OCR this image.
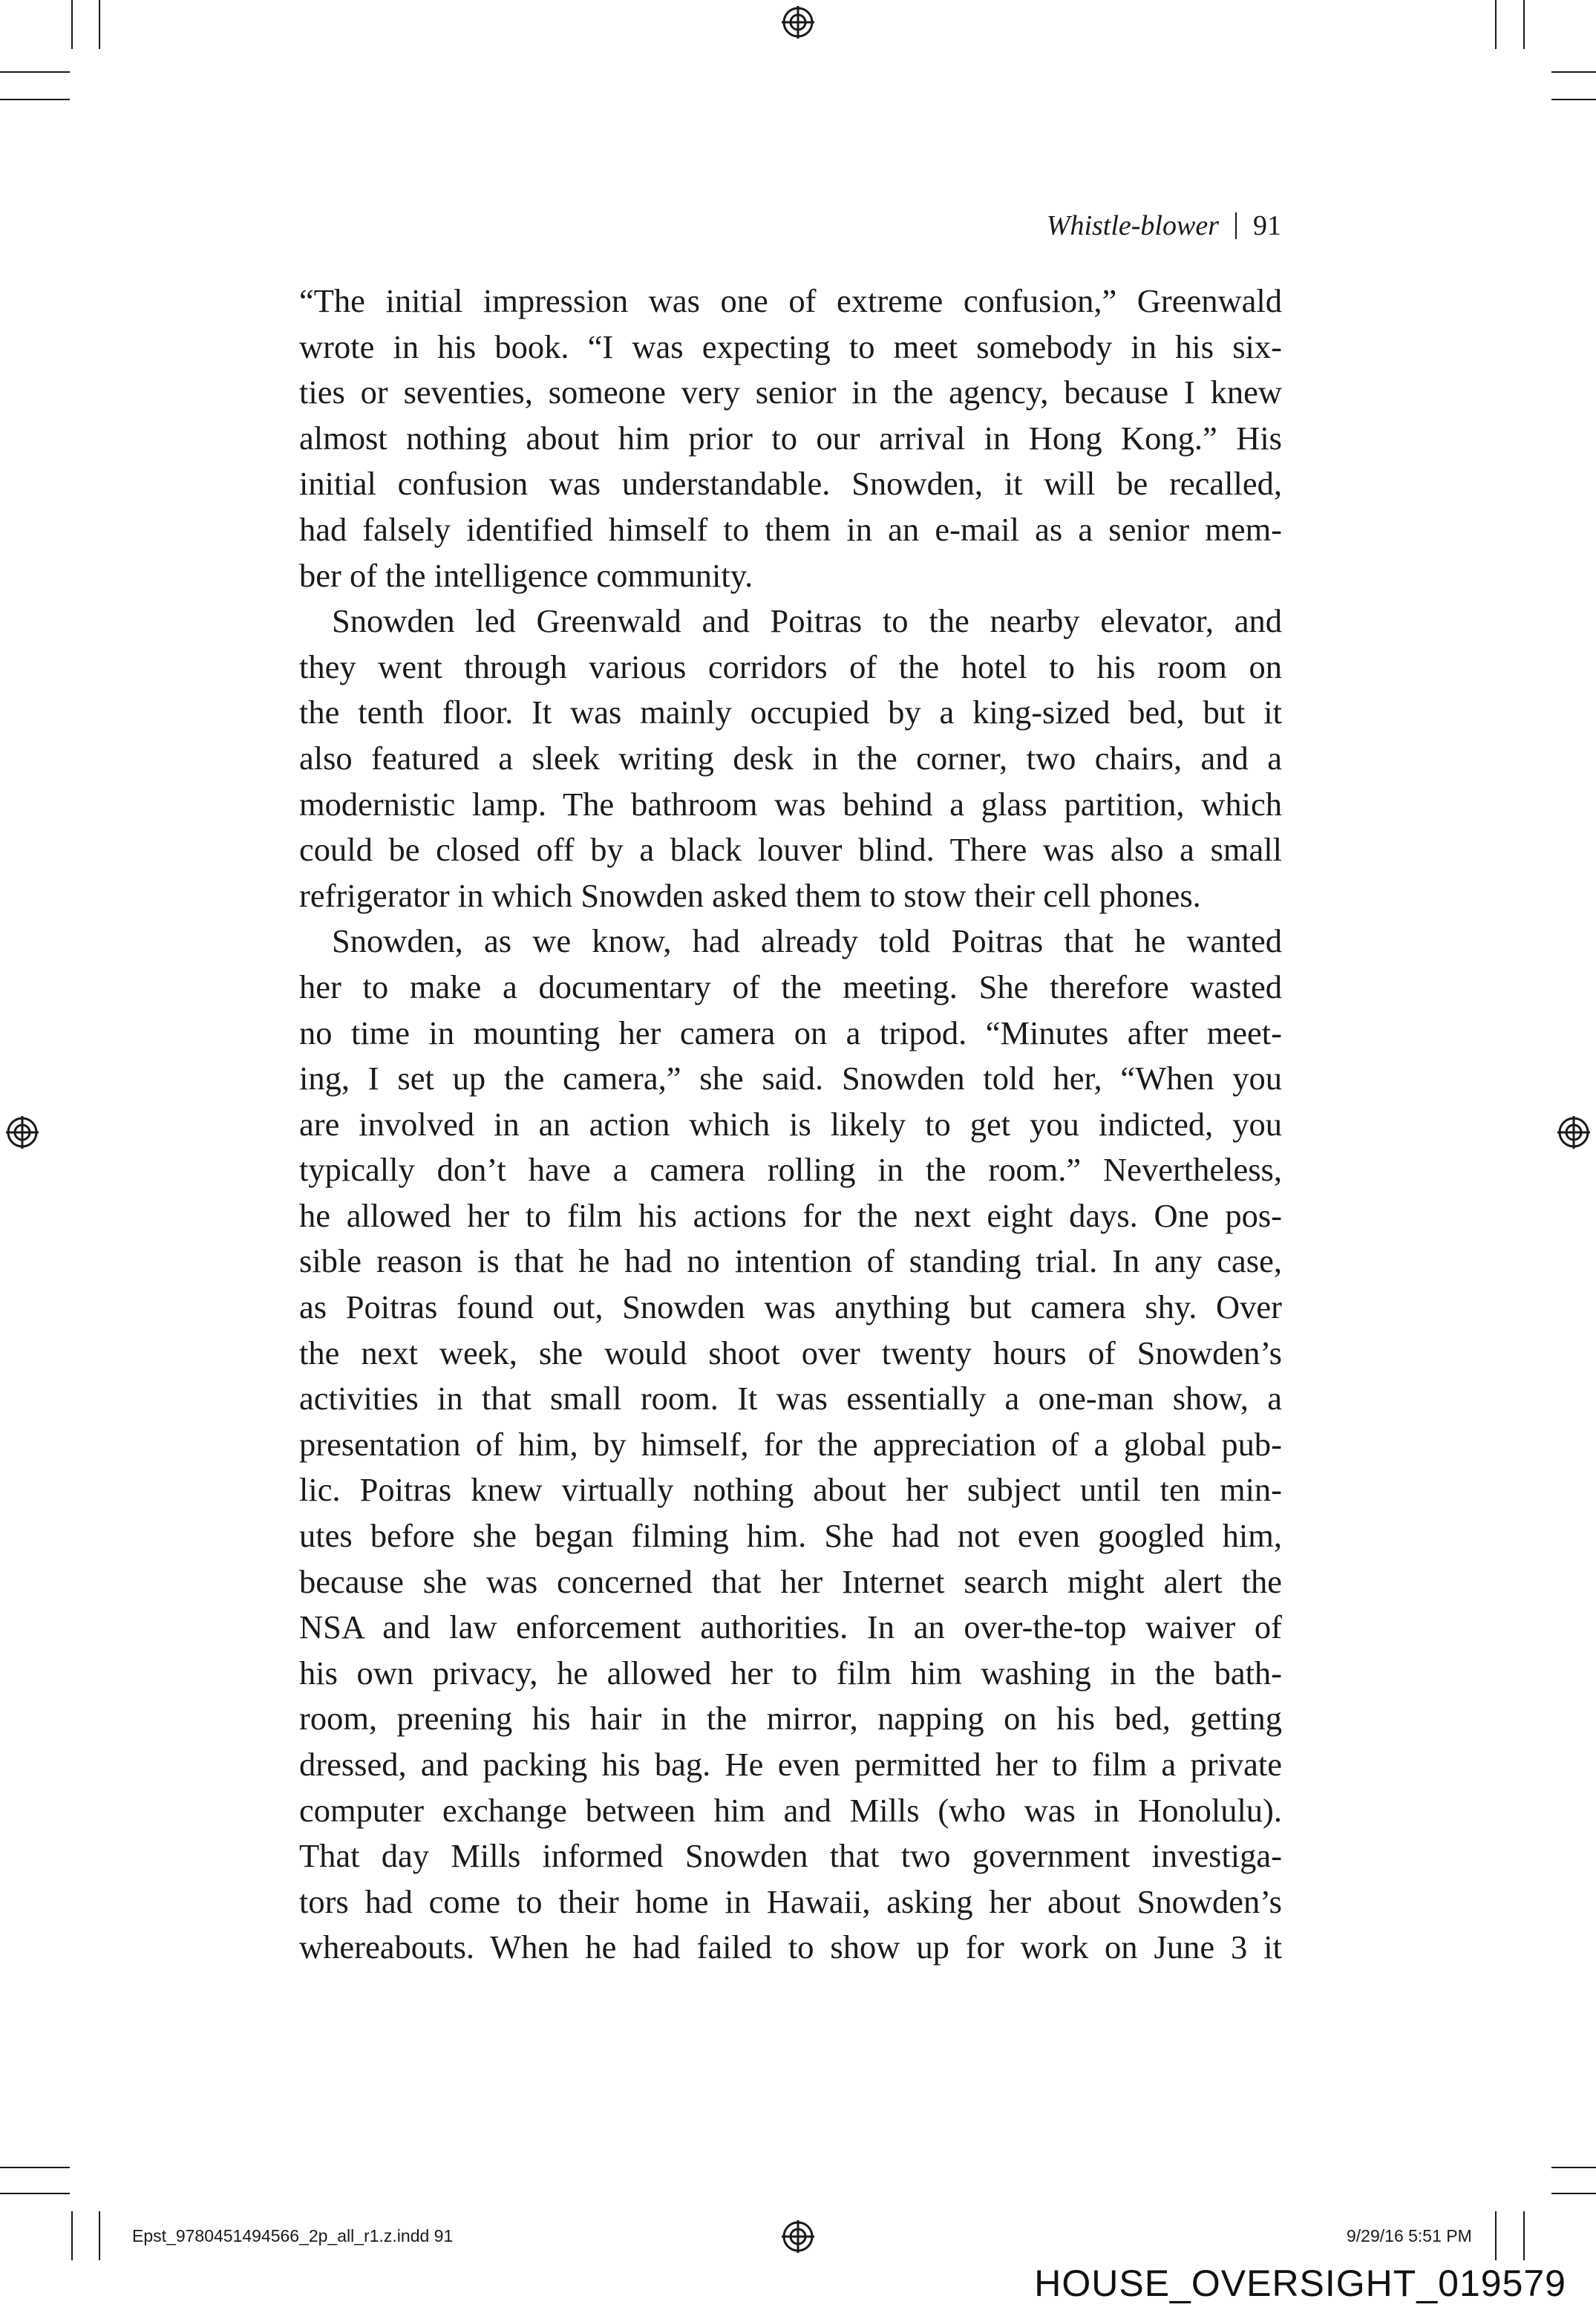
Whistle-blower 91
“The initial impression was one of extreme confusion,” Greenwald
wrote in his book. “I was expecting to meet somebody in his six-
ties or seventies, someone very senior in the agency, because I knew
almost nothing about him prior to our arrival in Hong Kong.” His
initial confusion was understandable. Snowden, it will be recalled,
had falsely identified himself to them in an e-mail as a senior mem-
ber of the intelligence community.
Snowden led Greenwald and Poitras to the nearby elevator, and
they went through various corridors of the hotel to his room on
the tenth floor. It was mainly occupied by a king-sized bed, but it
also featured a sleek writing desk in the corner, two chairs, and a
modernistic lamp. The bathroom was behind a glass partition, which
could be closed off by a black louver blind. There was also a small
refrigerator in which Snowden asked them to stow their cell phones.
Snowden, as we know, had already told Poitras that he wanted
her to make a documentary of the meeting. She therefore wasted
no time in mounting her camera on a tripod. “Minutes after meet-
ing, I set up the camera,” she said. Snowden told her, “When you
are involved in an action which is likely to get you indicted, you
typically don’t have a camera rolling in the room.” Nevertheless,
he allowed her to film his actions for the next eight days. One pos-
sible reason is that he had no intention of standing trial. In any case,
as Poitras found out, Snowden was anything but camera shy. Over
the next week, she would shoot over twenty hours of Snowden’s
activities in that small room. It was essentially a one-man show, a
presentation of him, by himself, for the appreciation of a global pub-
lic. Poitras knew virtually nothing about her subject until ten min-
utes before she began filming him. She had not even googled him,
because she was concerned that her Internet search might alert the
NSA and law enforcement authorities. In an over-the-top waiver of
his own privacy, he allowed her to film him washing in the bath-
room, preening his hair in the mirror, napping on his bed, getting
dressed, and packing his bag. He even permitted her to film a private
computer exchange between him and Mills (who was in Honolulu).
That day Mills informed Snowden that two government investiga-
tors had come to their home in Hawaii, asking her about Snowden’s
whereabouts. When he had failed to show up for work on June 3 it
Epst_9780451494566_2p_all_r1.z.indd 91	9/29/16 5:51 PM
HOUSE_OVERSIGHT_019579
